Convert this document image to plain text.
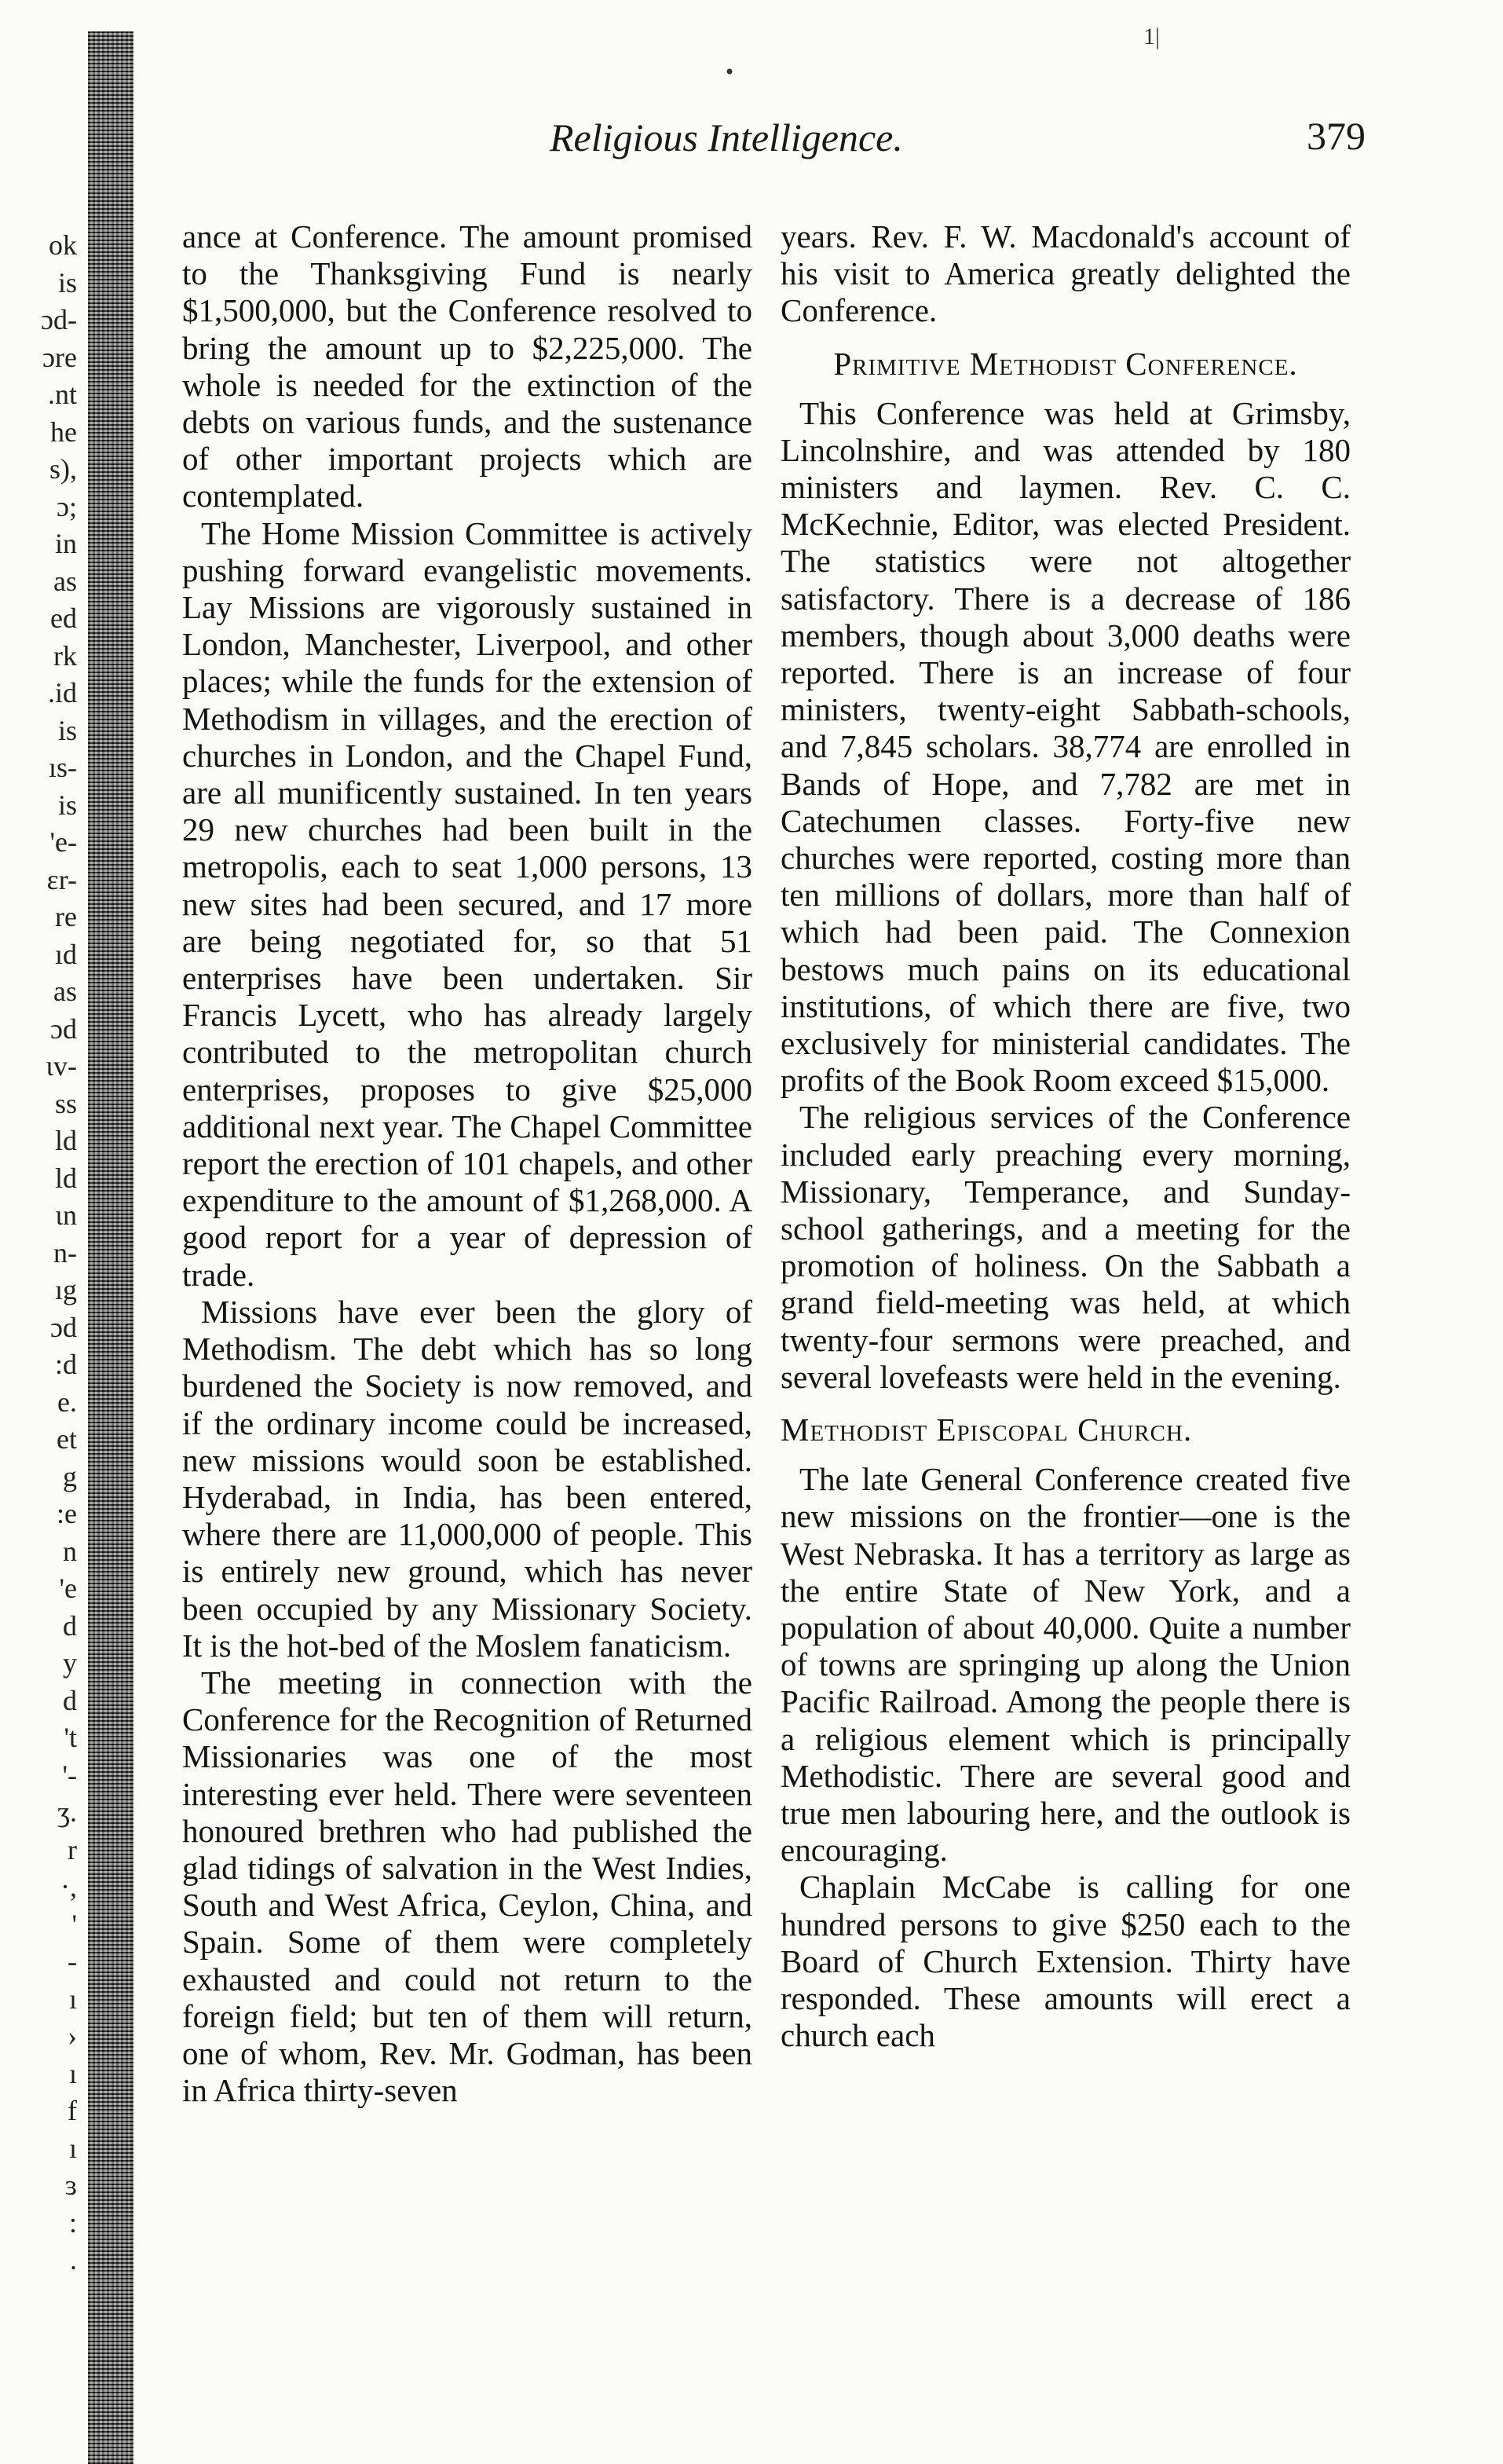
ok
is
ɔd-
ɔre
.nt
he
s),
ɔ;
in
as
ed
rk
.id
is
ıs-
is
'e-
ɛr-
re
ıd
as
ɔd
ɩv-
ss
ld
ld
ɩn
n-
ıg
ɔd
:d
e.
et
g
:e
n
'e
d
y
d
't
'-
ʒ.
r
·,
'
-
ı
›
ı
f
ı
ɜ
:
.
1|
•
Religious Intelligence.	379

ance at Conference. The amount promised to the Thanksgiving Fund is nearly $1,500,000, but the Conference resolved to bring the amount up to $2,225,000. The whole is needed for the extinction of the debts on various funds, and the sustenance of other important projects which are contemplated.

The Home Mission Committee is actively pushing forward evangelistic movements. Lay Missions are vigorously sustained in London, Manchester, Liverpool, and other places; while the funds for the extension of Methodism in villages, and the erection of churches in London, and the Chapel Fund, are all munificently sustained. In ten years 29 new churches had been built in the metropolis, each to seat 1,000 persons, 13 new sites had been secured, and 17 more are being negotiated for, so that 51 enterprises have been undertaken. Sir Francis Lycett, who has already largely contributed to the metropolitan church enterprises, proposes to give $25,000 additional next year. The Chapel Committee report the erection of 101 chapels, and other expenditure to the amount of $1,268,000. A good report for a year of depression of trade.

Missions have ever been the glory of Methodism. The debt which has so long burdened the Society is now removed, and if the ordinary income could be increased, new missions would soon be established. Hyderabad, in India, has been entered, where there are 11,000,000 of people. This is entirely new ground, which has never been occupied by any Missionary Society. It is the hot-bed of the Moslem fanaticism.

The meeting in connection with the Conference for the Recognition of Returned Missionaries was one of the most interesting ever held. There were seventeen honoured brethren who had published the glad tidings of salvation in the West Indies, South and West Africa, Ceylon, China, and Spain. Some of them were completely exhausted and could not return to the foreign field; but ten of them will return, one of whom, Rev. Mr. Godman, has been in Africa thirty-seven

years. Rev. F. W. Macdonald's account of his visit to America greatly delighted the Conference.

Primitive Methodist Conference.

This Conference was held at Grimsby, Lincolnshire, and was attended by 180 ministers and laymen. Rev. C. C. McKechnie, Editor, was elected President. The statistics were not altogether satisfactory. There is a decrease of 186 members, though about 3,000 deaths were reported. There is an increase of four ministers, twenty-eight Sabbath-schools, and 7,845 scholars. 38,774 are enrolled in Bands of Hope, and 7,782 are met in Catechumen classes. Forty-five new churches were reported, costing more than ten millions of dollars, more than half of which had been paid. The Connexion bestows much pains on its educational institutions, of which there are five, two exclusively for ministerial candidates. The profits of the Book Room exceed $15,000.

The religious services of the Conference included early preaching every morning, Missionary, Temperance, and Sunday-school gatherings, and a meeting for the promotion of holiness. On the Sabbath a grand field-meeting was held, at which twenty-four sermons were preached, and several lovefeasts were held in the evening.

Methodist Episcopal Church.

The late General Conference created five new missions on the frontier—one is the West Nebraska. It has a territory as large as the entire State of New York, and a population of about 40,000. Quite a number of towns are springing up along the Union Pacific Railroad. Among the people there is a religious element which is principally Methodistic. There are several good and true men labouring here, and the outlook is encouraging.

Chaplain McCabe is calling for one hundred persons to give $250 each to the Board of Church Extension. Thirty have responded. These amounts will erect a church each
